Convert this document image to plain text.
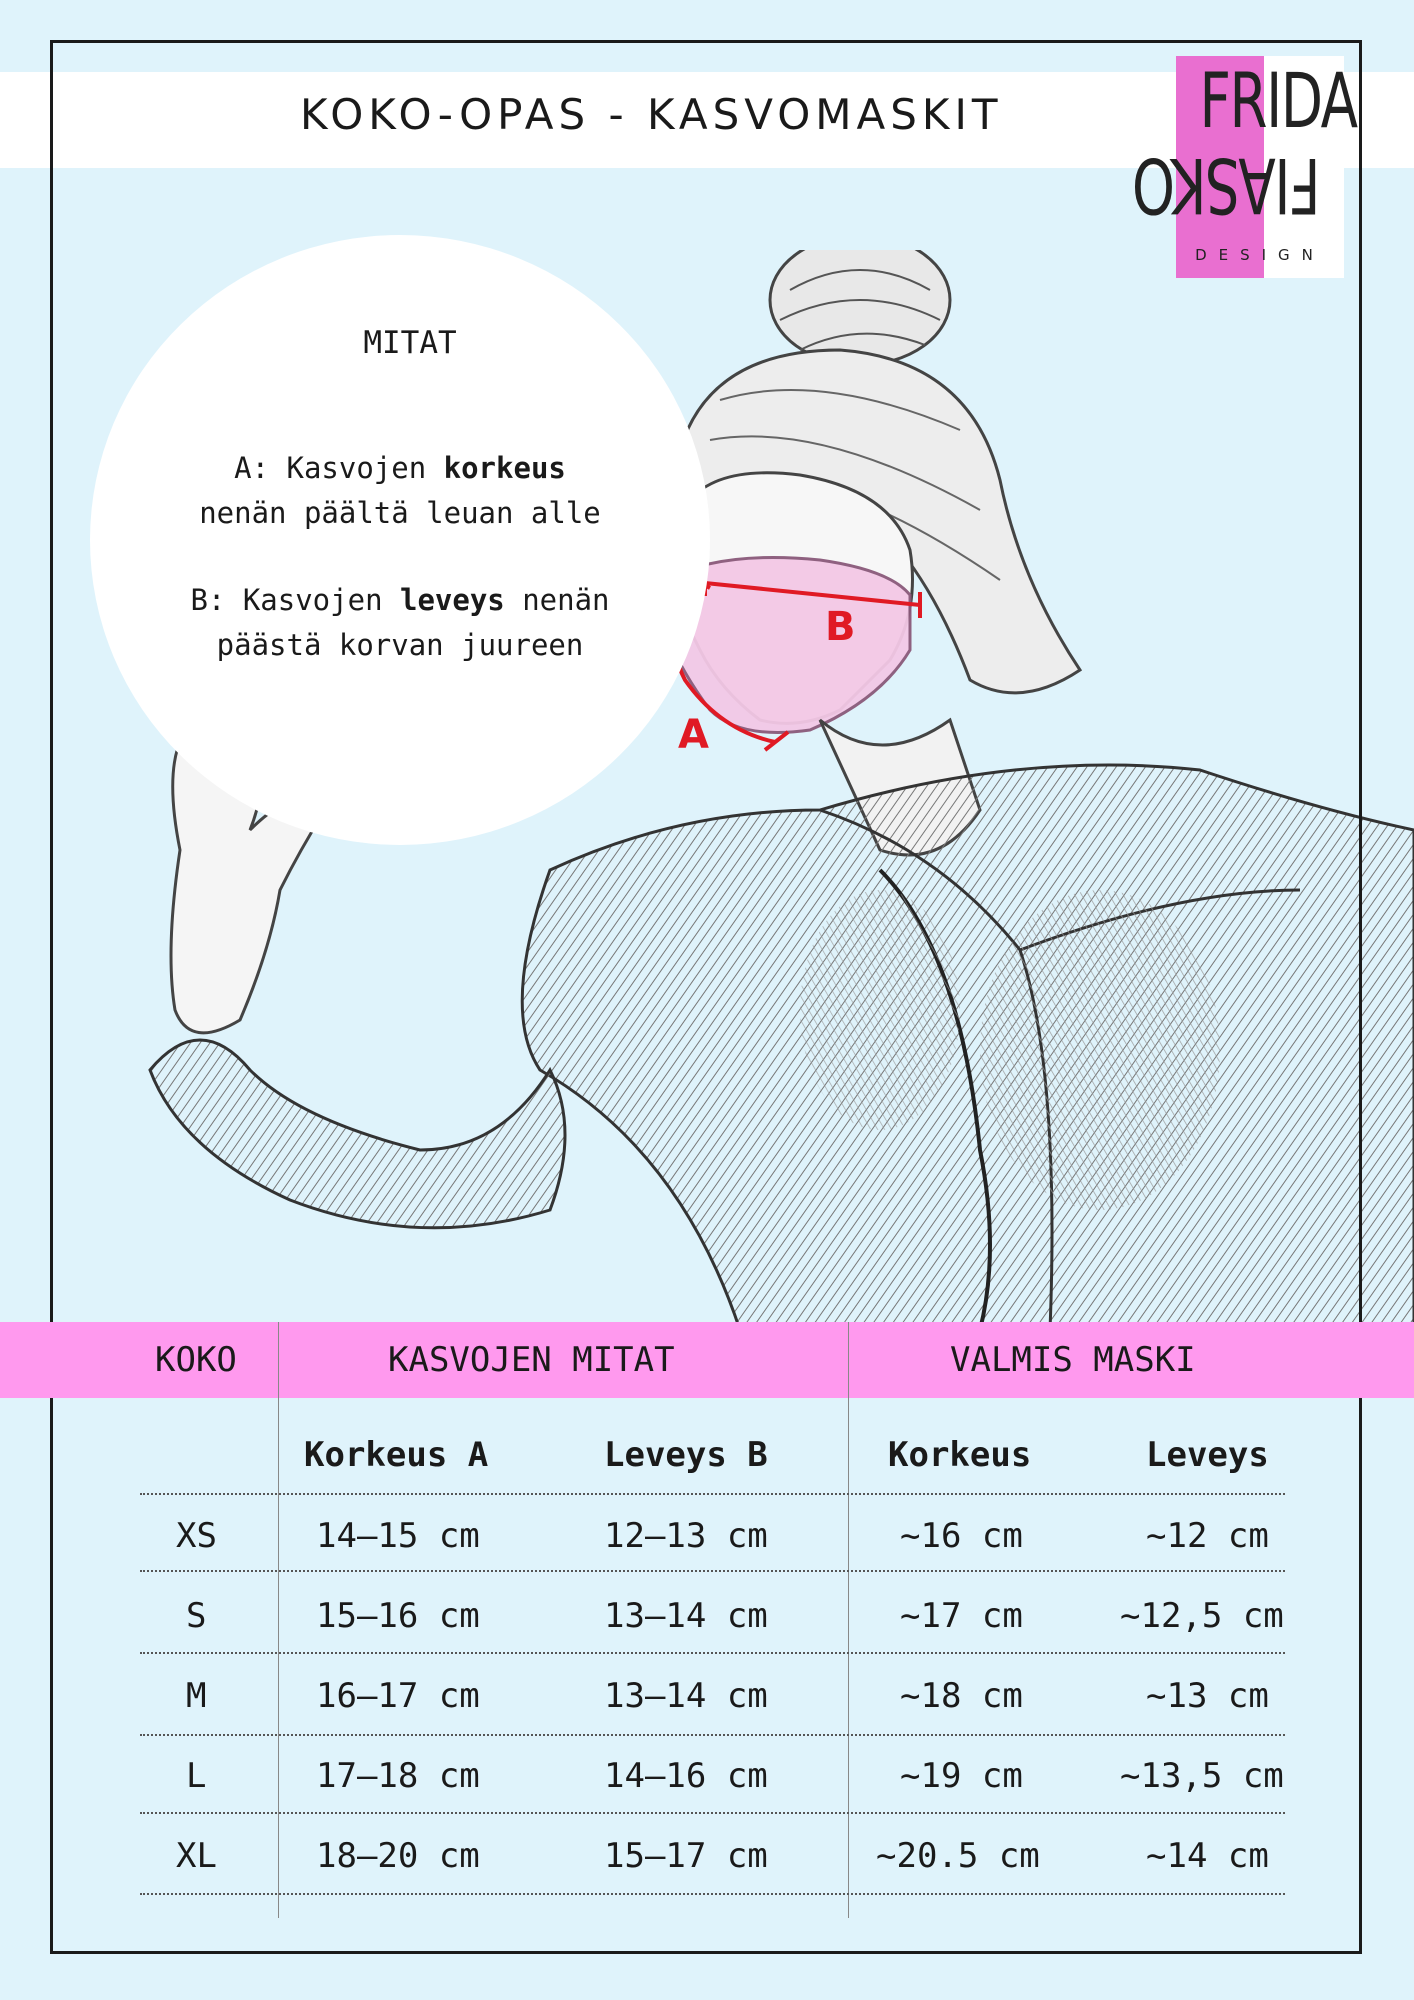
KOKO-OPAS - KASVOMASKIT	FRIDA
FIASKO
DESIGN
MITAT
A: Kasvojen korkeus
nenän päältä leuan alle
B: Kasvojen leveys nenän
päästä korvan juureen
A
B
KOKO	KASVOJEN MITAT	VALMIS MASKI
Korkeus A	Leveys B	Korkeus	Leveys
XS	14–15 cm	12–13 cm	~16 cm	~12 cm
S	15–16 cm	13–14 cm	~17 cm	~12,5 cm
M	16–17 cm	13–14 cm	~18 cm	~13 cm
L	17–18 cm	14–16 cm	~19 cm	~13,5 cm
XL	18–20 cm	15–17 cm	~20.5 cm	~14 cm
